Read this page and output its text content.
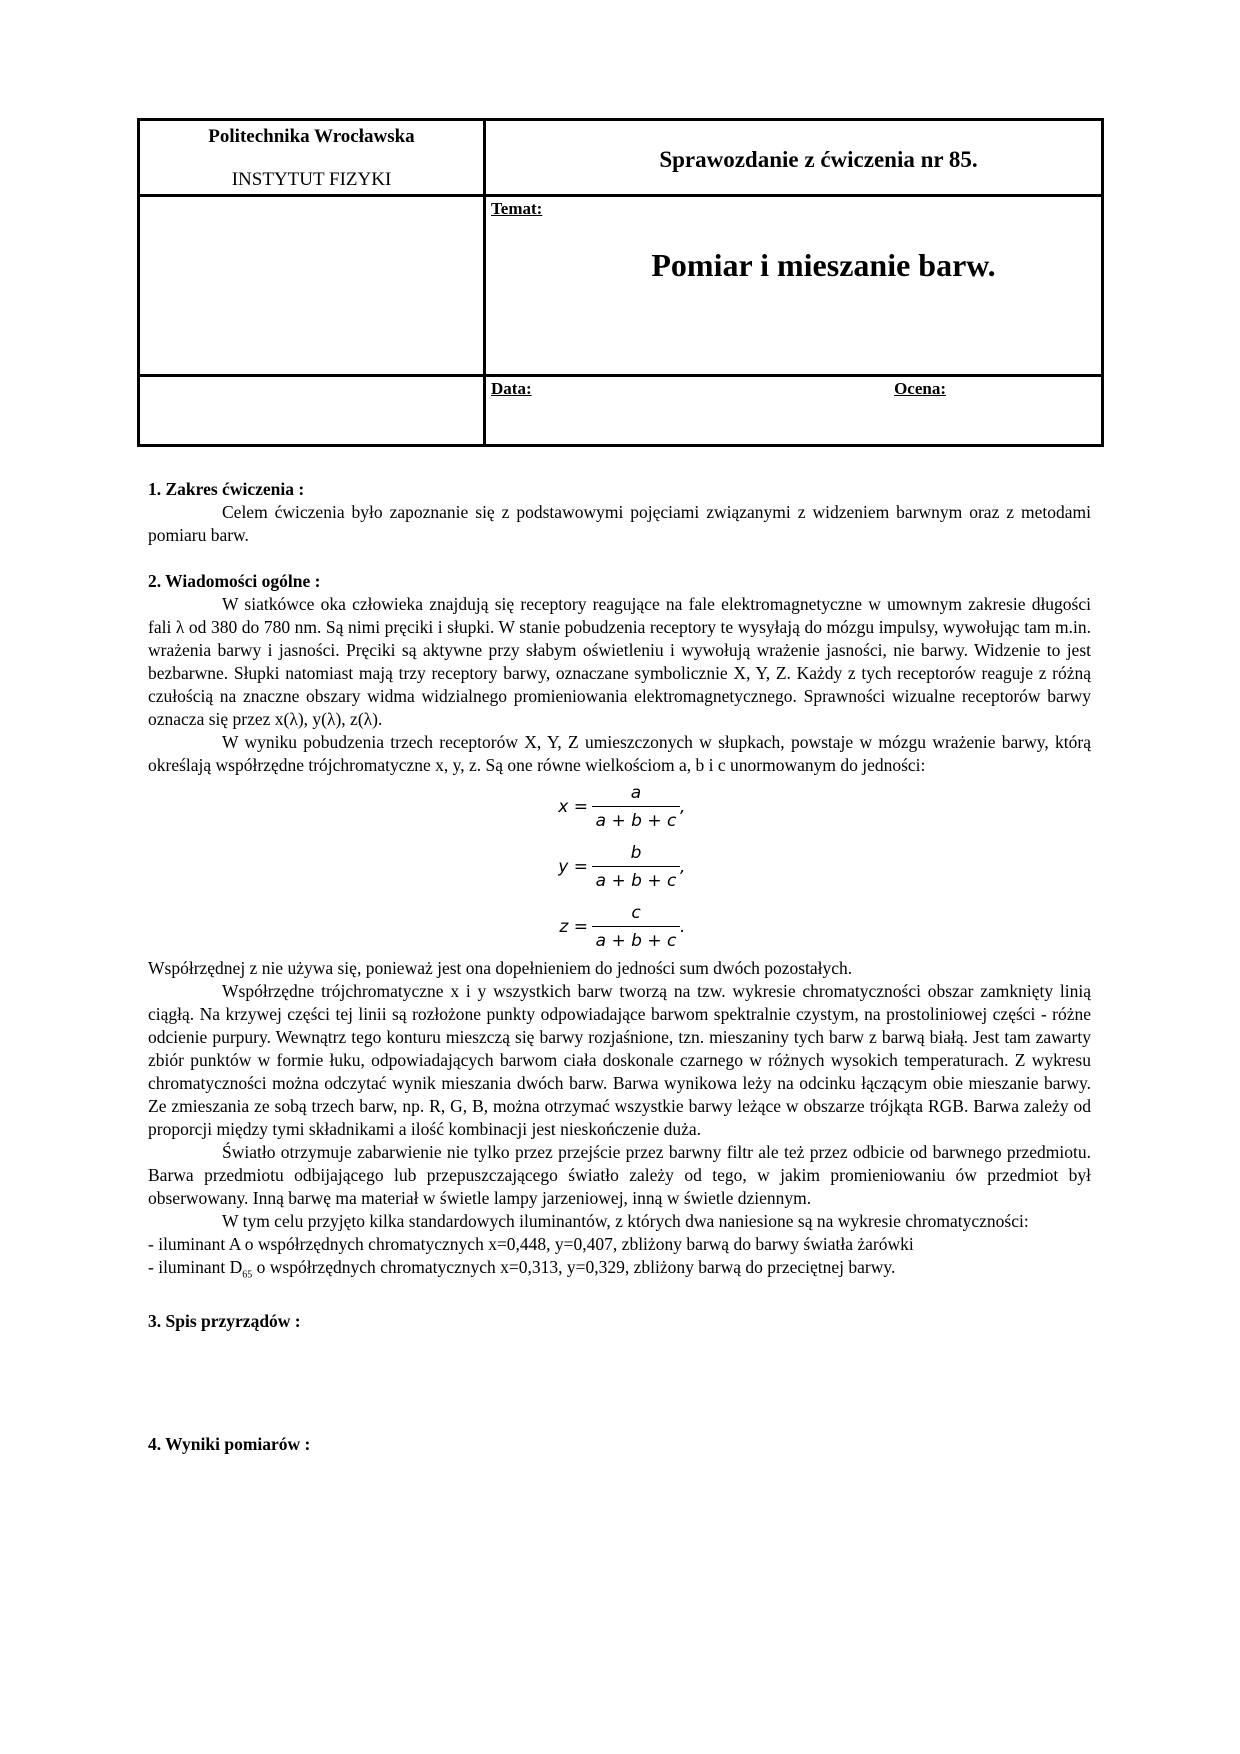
Politechnika Wrocławska
INSTYTUT FIZYKI	Sprawozdanie z ćwiczenia nr 85.

	Temat:
Pomiar i mieszanie barw.

	Data: Ocena:

1. Zakres ćwiczenia :

Celem ćwiczenia było zapoznanie się z podstawowymi pojęciami związanymi z widzeniem barwnym oraz z metodami pomiaru barw.

2. Wiadomości ogólne :

W siatkówce oka człowieka znajdują się receptory reagujące na fale elektromagnetyczne w umownym zakresie długości fali λ od 380 do 780 nm. Są nimi pręciki i słupki. W stanie pobudzenia receptory te wysyłają do mózgu impulsy, wywołując tam m.in. wrażenia barwy i jasności. Pręciki są aktywne przy słabym oświetleniu i wywołują wrażenie jasności, nie barwy. Widzenie to jest bezbarwne. Słupki natomiast mają trzy receptory barwy, oznaczane symbolicznie X, Y, Z. Każdy z tych receptorów reaguje z różną czułością na znaczne obszary widma widzialnego promieniowania elektromagnetycznego. Sprawności wizualne receptorów barwy oznacza się przez x(λ), y(λ), z(λ).

W wyniku pobudzenia trzech receptorów X, Y, Z umieszczonych w słupkach, powstaje w mózgu wrażenie barwy, którą określają współrzędne trójchromatyczne x, y, z. Są one równe wielkościom a, b i c unormowanym do jedności:

$x = \frac{a}{a + b + c}$ ,
$y = \frac{b}{a + b + c}$ ,
$z = \frac{c}{a + b + c}$ .

Współrzędnej z nie używa się, ponieważ jest ona dopełnieniem do jedności sum dwóch pozostałych.

Współrzędne trójchromatyczne x i y wszystkich barw tworzą na tzw. wykresie chromatyczności obszar zamknięty linią ciągłą. Na krzywej części tej linii są rozłożone punkty odpowiadające barwom spektralnie czystym, na prostoliniowej części - różne odcienie purpury. Wewnątrz tego konturu mieszczą się barwy rozjaśnione, tzn. mieszaniny tych barw z barwą białą. Jest tam zawarty zbiór punktów w formie łuku, odpowiadających barwom ciała doskonale czarnego w różnych wysokich temperaturach. Z wykresu chromatyczności można odczytać wynik mieszania dwóch barw. Barwa wynikowa leży na odcinku łączącym obie mieszanie barwy. Ze zmieszania ze sobą trzech barw, np. R, G, B, można otrzymać wszystkie barwy leżące w obszarze trójkąta RGB. Barwa zależy od proporcji między tymi składnikami a ilość kombinacji jest nieskończenie duża.

Światło otrzymuje zabarwienie nie tylko przez przejście przez barwny filtr ale też przez odbicie od barwnego przedmiotu. Barwa przedmiotu odbijającego lub przepuszczającego światło zależy od tego, w jakim promieniowaniu ów przedmiot był obserwowany. Inną barwę ma materiał w świetle lampy jarzeniowej, inną w świetle dziennym.

W tym celu przyjęto kilka standardowych iluminantów, z których dwa naniesione są na wykresie chromatyczności:

- iluminant A o współrzędnych chromatycznych x=0,448, y=0,407, zbliżony barwą do barwy światła żarówki

- iluminant $D_{65}$ o współrzędnych chromatycznych x=0,313, y=0,329, zbliżony barwą do przeciętnej barwy.

3. Spis przyrządów :

4. Wyniki pomiarów :
